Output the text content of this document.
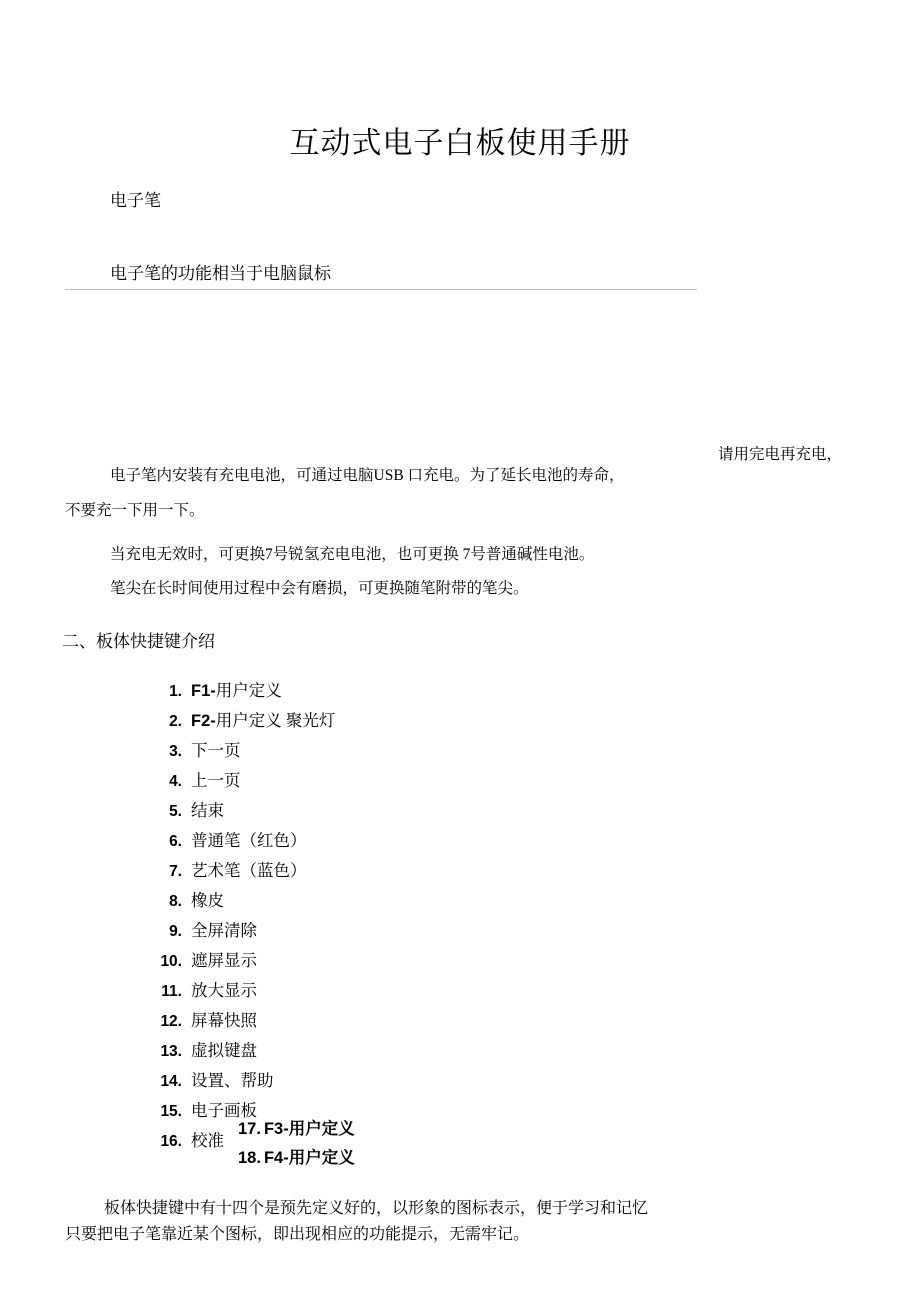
互动式电子白板使用手册
电子笔
电子笔的功能相当于电脑鼠标
请用完电再充电，
电子笔内安装有充电电池，可通过电脑USB 口充电。为了延长电池的寿命，
不要充一下用一下。
当充电无效时，可更换7号锐氢充电电池，也可更换 7号普通碱性电池。
笔尖在长时间使用过程中会有磨损，可更换随笔附带的笔尖。
二、板体快捷键介绍
1. F1-用户定义
2. F2-用户定义 聚光灯
3. 下一页
4. 上一页
5. 结束
6. 普通笔（红色）
7. 艺术笔（蓝色）
8. 橡皮
9. 全屏清除
10. 遮屏显示
11. 放大显示
12. 屏幕快照
13. 虚拟键盘
14. 设置、帮助
15. 电子画板
16. 校准
17. F3-用户定义
18. F4-用户定义
板体快捷键中有十四个是预先定义好的，以形象的图标表示，便于学习和记忆
只要把电子笔靠近某个图标，即出现相应的功能提示，无需牢记。
